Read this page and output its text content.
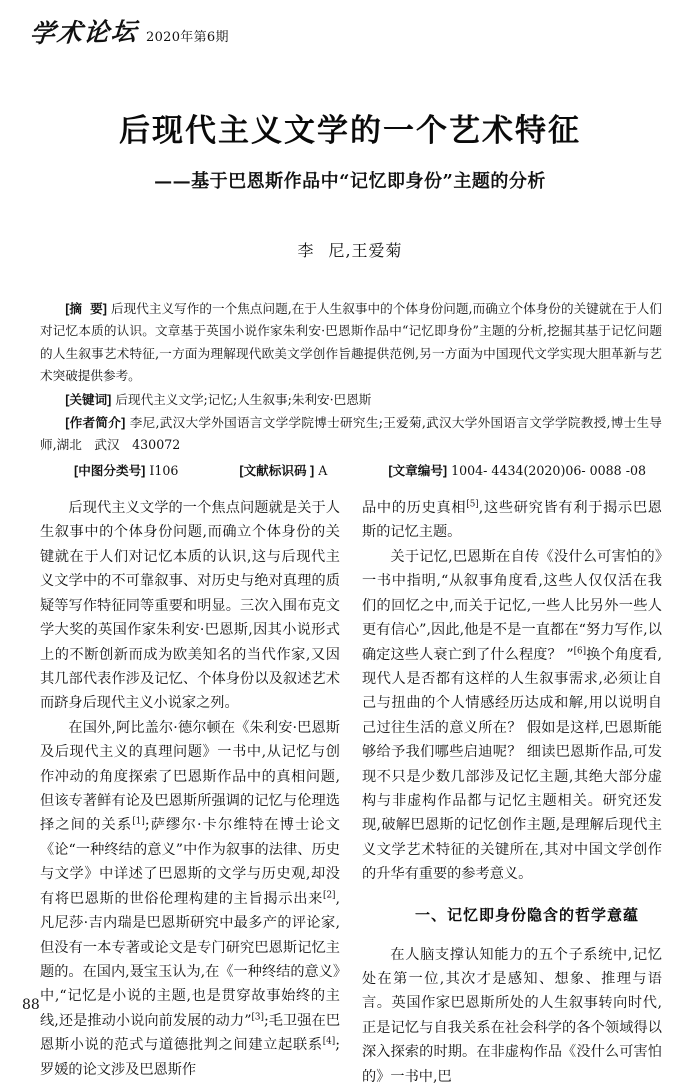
学术论坛 2020年第6期
后现代主义文学的一个艺术特征
——基于巴恩斯作品中“记忆即身份”主题的分析
李 尼,王爱菊

[摘 要] 后现代主义写作的一个焦点问题,在于人生叙事中的个体身份问题,而确立个体身份的关键就在于人们对记忆本质的认识。文章基于英国小说作家朱利安·巴恩斯作品中“记忆即身份”主题的分析,挖掘其基于记忆问题的人生叙事艺术特征,一方面为理解现代欧美文学创作旨趣提供范例,另一方面为中国现代文学实现大胆革新与艺术突破提供参考。

[关键词] 后现代主义文学;记忆;人生叙事;朱利安·巴恩斯

[作者简介] 李尼,武汉大学外国语言文学学院博士研究生;王爱菊,武汉大学外国语言文学学院教授,博士生导师,湖北　武汉　430072

[中图分类号] I106	[文献标识码 ] A	[文章编号] 1004- 4434(2020)06- 0088 -08

后现代主义文学的一个焦点问题就是关于人生叙事中的个体身份问题,而确立个体身份的关键就在于人们对记忆本质的认识,这与后现代主义文学中的不可靠叙事、对历史与绝对真理的质疑等写作特征同等重要和明显。三次入围布克文学大奖的英国作家朱利安·巴恩斯,因其小说形式上的不断创新而成为欧美知名的当代作家,又因其几部代表作涉及记忆、个体身份以及叙述艺术而跻身后现代主义小说家之列。

在国外,阿比盖尔·德尔顿在《朱利安·巴恩斯及后现代主义的真理问题》一书中,从记忆与创作冲动的角度探索了巴恩斯作品中的真相问题,但该专著鲜有论及巴恩斯所强调的记忆与伦理选择之间的关系[1];萨缪尔·卡尔维特在博士论文《论“一种终结的意义”中作为叙事的法律、历史与文学》中详述了巴恩斯的文学与历史观,却没有将巴恩斯的世俗伦理构建的主旨揭示出来[2],凡尼莎·吉内瑞是巴恩斯研究中最多产的评论家,但没有一本专著或论文是专门研究巴恩斯记忆主题的。在国内,聂宝玉认为,在《一种终结的意义》中,“记忆是小说的主题,也是贯穿故事始终的主线,还是推动小说向前发展的动力”[3];毛卫强在巴恩斯小说的范式与道德批判之间建立起联系[4];罗媛的论文涉及巴恩斯作

品中的历史真相[5],这些研究皆有利于揭示巴恩斯的记忆主题。

关于记忆,巴恩斯在自传《没什么可害怕的》一书中指明,“从叙事角度看,这些人仅仅活在我们的回忆之中,而关于记忆,一些人比另外一些人更有信心”,因此,他是不是一直都在“努力写作,以确定这些人衰亡到了什么程度？ ”[6]换个角度看,现代人是否都有这样的人生叙事需求,必须让自己与扭曲的个人情感经历达成和解,用以说明自己过往生活的意义所在？ 假如是这样,巴恩斯能够给予我们哪些启迪呢？ 细读巴恩斯作品,可发现不只是少数几部涉及记忆主题,其绝大部分虚构与非虚构作品都与记忆主题相关。研究还发现,破解巴恩斯的记忆创作主题,是理解后现代主义文学艺术特征的关键所在,其对中国文学创作的升华有重要的参考意义。

一、记忆即身份隐含的哲学意蕴

在人脑支撑认知能力的五个子系统中,记忆处在第一位,其次才是感知、想象、推理与语言。英国作家巴恩斯所处的人生叙事转向时代,正是记忆与自我关系在社会科学的各个领域得以深入探索的时期。在非虚构作品《没什么可害怕的》一书中,巴

88
